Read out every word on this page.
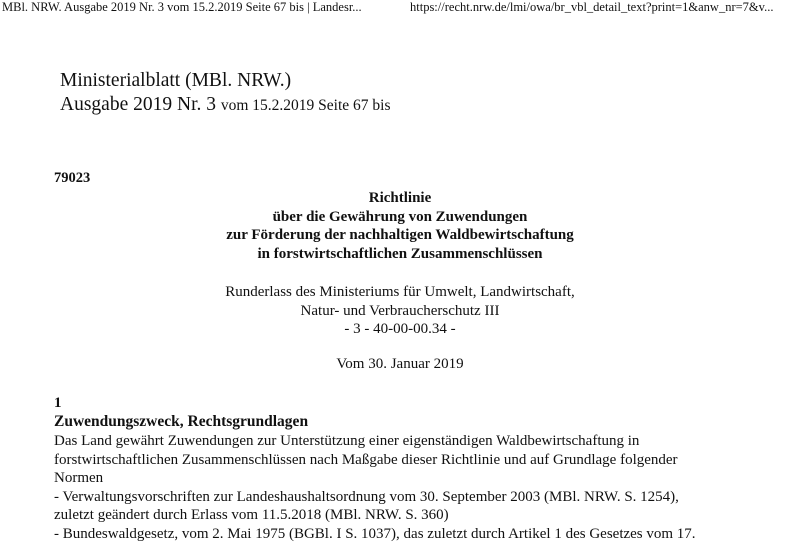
MBl. NRW. Ausgabe 2019 Nr. 3 vom 15.2.2019 Seite 67 bis | Landesr...	https://recht.nrw.de/lmi/owa/br_vbl_detail_text?print=1&anw_nr=7&v...
Ministerialblatt (MBl. NRW.)
Ausgabe 2019 Nr. 3 vom 15.2.2019 Seite 67 bis
79023
Richtlinie
über die Gewährung von Zuwendungen
zur Förderung der nachhaltigen Waldbewirtschaftung
in forstwirtschaftlichen Zusammenschlüssen
Runderlass des Ministeriums für Umwelt, Landwirtschaft,
Natur- und Verbraucherschutz III
- 3 - 40-00-00.34 -
Vom 30. Januar 2019
1
Zuwendungszweck, Rechtsgrundlagen
Das Land gewährt Zuwendungen zur Unterstützung einer eigenständigen Waldbewirtschaftung in
forstwirtschaftlichen Zusammenschlüssen nach Maßgabe dieser Richtlinie und auf Grundlage folgender
Normen
- Verwaltungsvorschriften zur Landeshaushaltsordnung vom 30. September 2003 (MBl. NRW. S. 1254),
zuletzt geändert durch Erlass vom 11.5.2018 (MBl. NRW. S. 360)
- Bundeswaldgesetz, vom 2. Mai 1975 (BGBl. I S. 1037), das zuletzt durch Artikel 1 des Gesetzes vom 17.
